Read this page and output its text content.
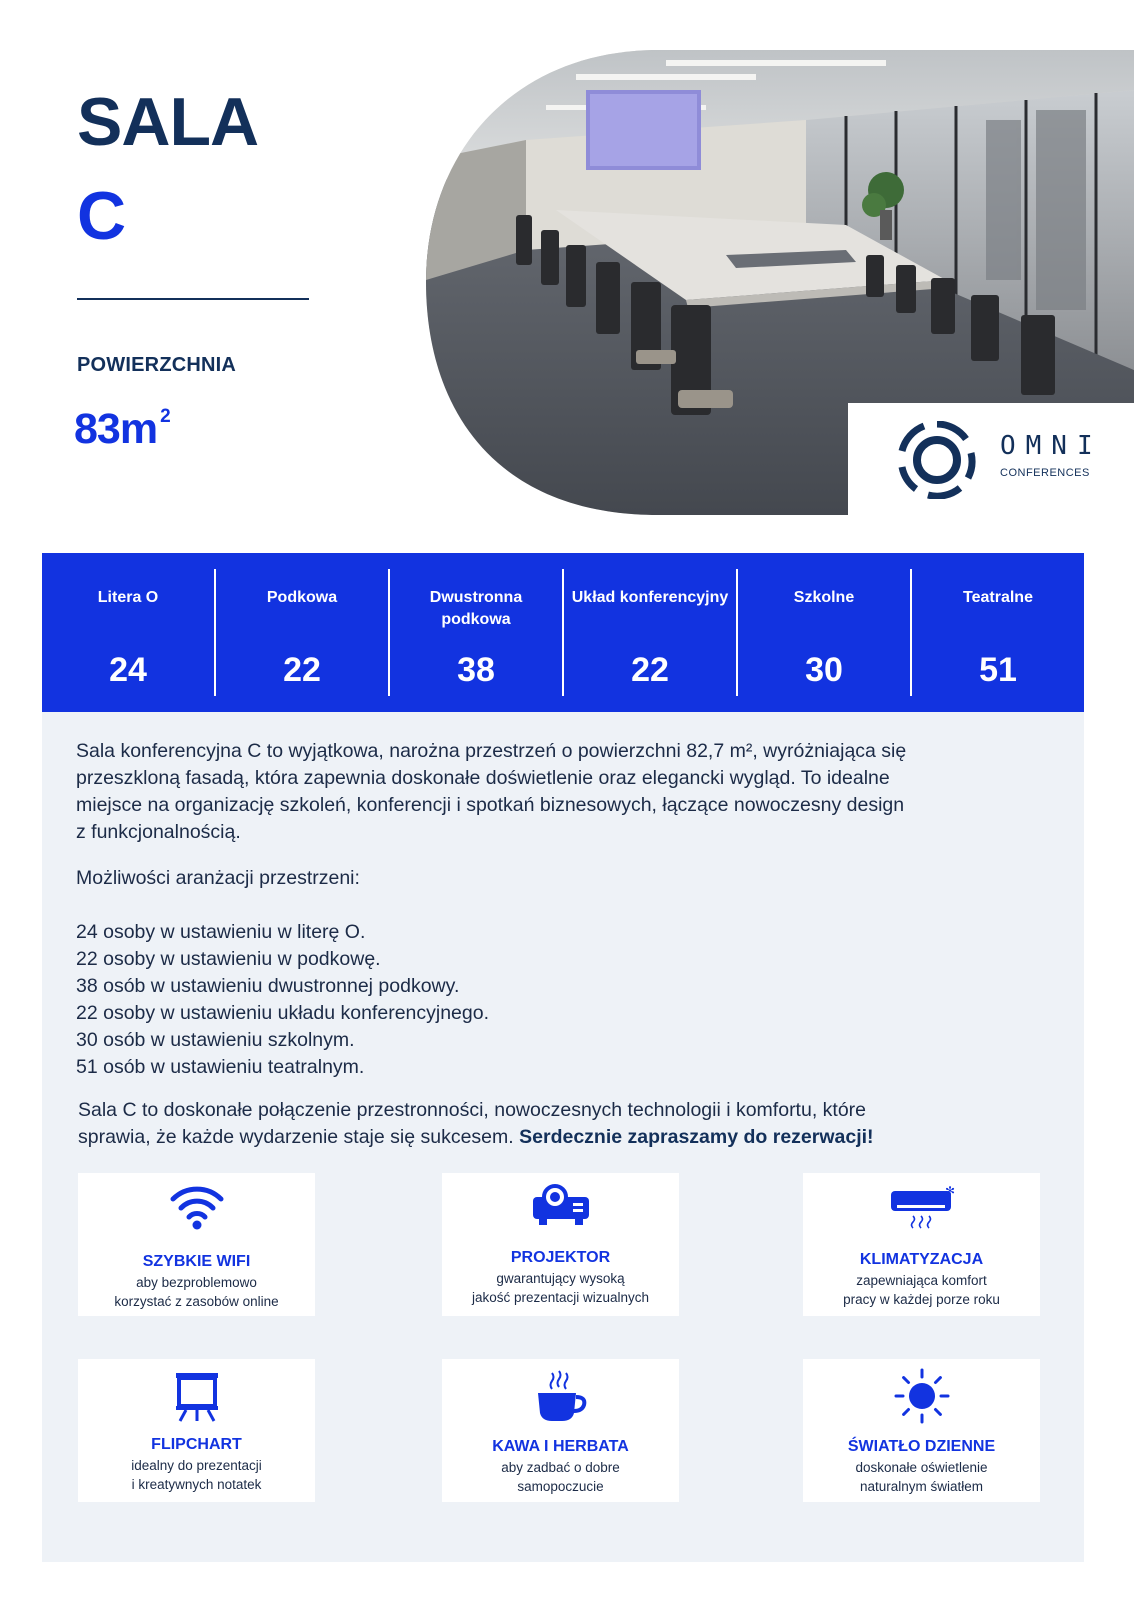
SALA
C
POWIERZCHNIA
83m $^2$
OMNI
CONFERENCES
Litera O
24
Podkowa
22
Dwustronna podkowa
38
Układ konferencyjny
22
Szkolne
30
Teatralne
51
Sala konferencyjna C to wyjątkowa, narożna przestrzeń o powierzchni 82,7 m², wyróżniająca się
przeszkloną fasadą, która zapewnia doskonałe doświetlenie oraz elegancki wygląd. To idealne
miejsce na organizację szkoleń, konferencji i spotkań biznesowych, łączące nowoczesny design
z funkcjonalnością.
Możliwości aranżacji przestrzeni:
24 osoby w ustawieniu w literę O.
22 osoby w ustawieniu w podkowę.
38 osób w ustawieniu dwustronnej podkowy.
22 osoby w ustawieniu układu konferencyjnego.
30 osób w ustawieniu szkolnym.
51 osób w ustawieniu teatralnym.
Sala C to doskonałe połączenie przestronności, nowoczesnych technologii i komfortu, które
sprawia, że każde wydarzenie staje się sukcesem. Serdecznie zapraszamy do rezerwacji!
SZYBKIE WIFI
aby bezproblemowo
korzystać z zasobów online
PROJEKTOR
gwarantujący wysoką
jakość prezentacji wizualnych
✻
KLIMATYZACJA
zapewniająca komfort
pracy w każdej porze roku
FLIPCHART
idealny do prezentacji
i kreatywnych notatek
KAWA I HERBATA
aby zadbać o dobre
samopoczucie
ŚWIATŁO DZIENNE
doskonałe oświetlenie
naturalnym światłem
